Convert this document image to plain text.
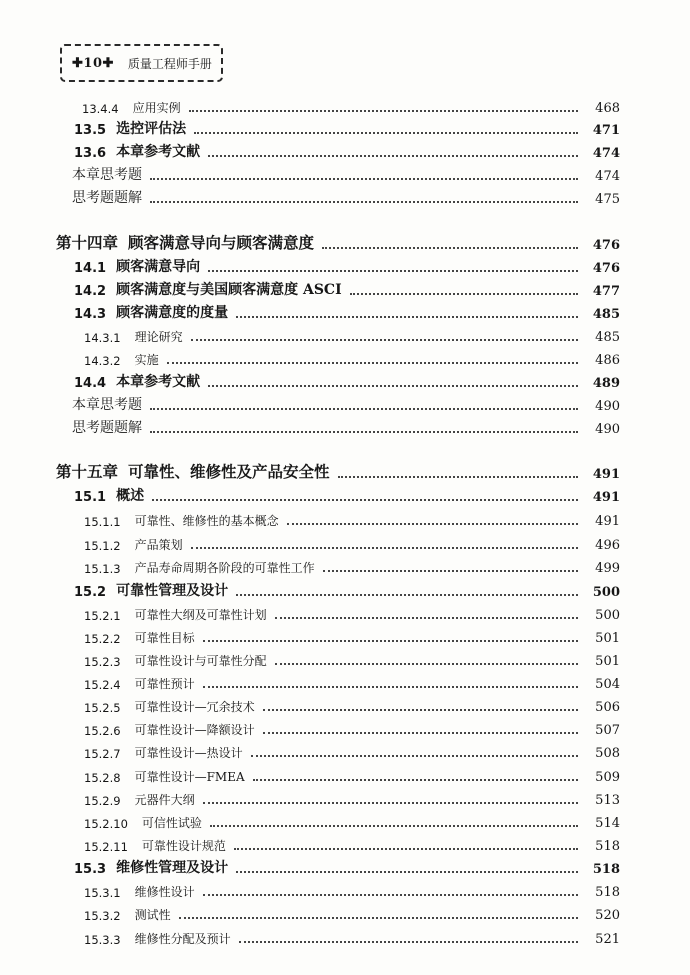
✚10✚ 质量工程师手册
13.4.4 应用实例	468
13.5 选控评估法	471
13.6 本章参考文献	474
本章思考题	474
思考题题解	475
第十四章 顾客满意导向与顾客满意度	476
14.1 顾客满意导向	476
14.2 顾客满意度与美国顾客满意度 ASCI	477
14.3 顾客满意度的度量	485
14.3.1 理论研究	485
14.3.2 实施	486
14.4 本章参考文献	489
本章思考题	490
思考题题解	490
第十五章 可靠性、维修性及产品安全性	491
15.1 概述	491
15.1.1 可靠性、维修性的基本概念	491
15.1.2 产品策划	496
15.1.3 产品寿命周期各阶段的可靠性工作	499
15.2 可靠性管理及设计	500
15.2.1 可靠性大纲及可靠性计划	500
15.2.2 可靠性目标	501
15.2.3 可靠性设计与可靠性分配	501
15.2.4 可靠性预计	504
15.2.5 可靠性设计—冗余技术	506
15.2.6 可靠性设计—降额设计	507
15.2.7 可靠性设计—热设计	508
15.2.8 可靠性设计—FMEA	509
15.2.9 元器件大纲	513
15.2.10 可信性试验	514
15.2.11 可靠性设计规范	518
15.3 维修性管理及设计	518
15.3.1 维修性设计	518
15.3.2 测试性	520
15.3.3 维修性分配及预计	521
